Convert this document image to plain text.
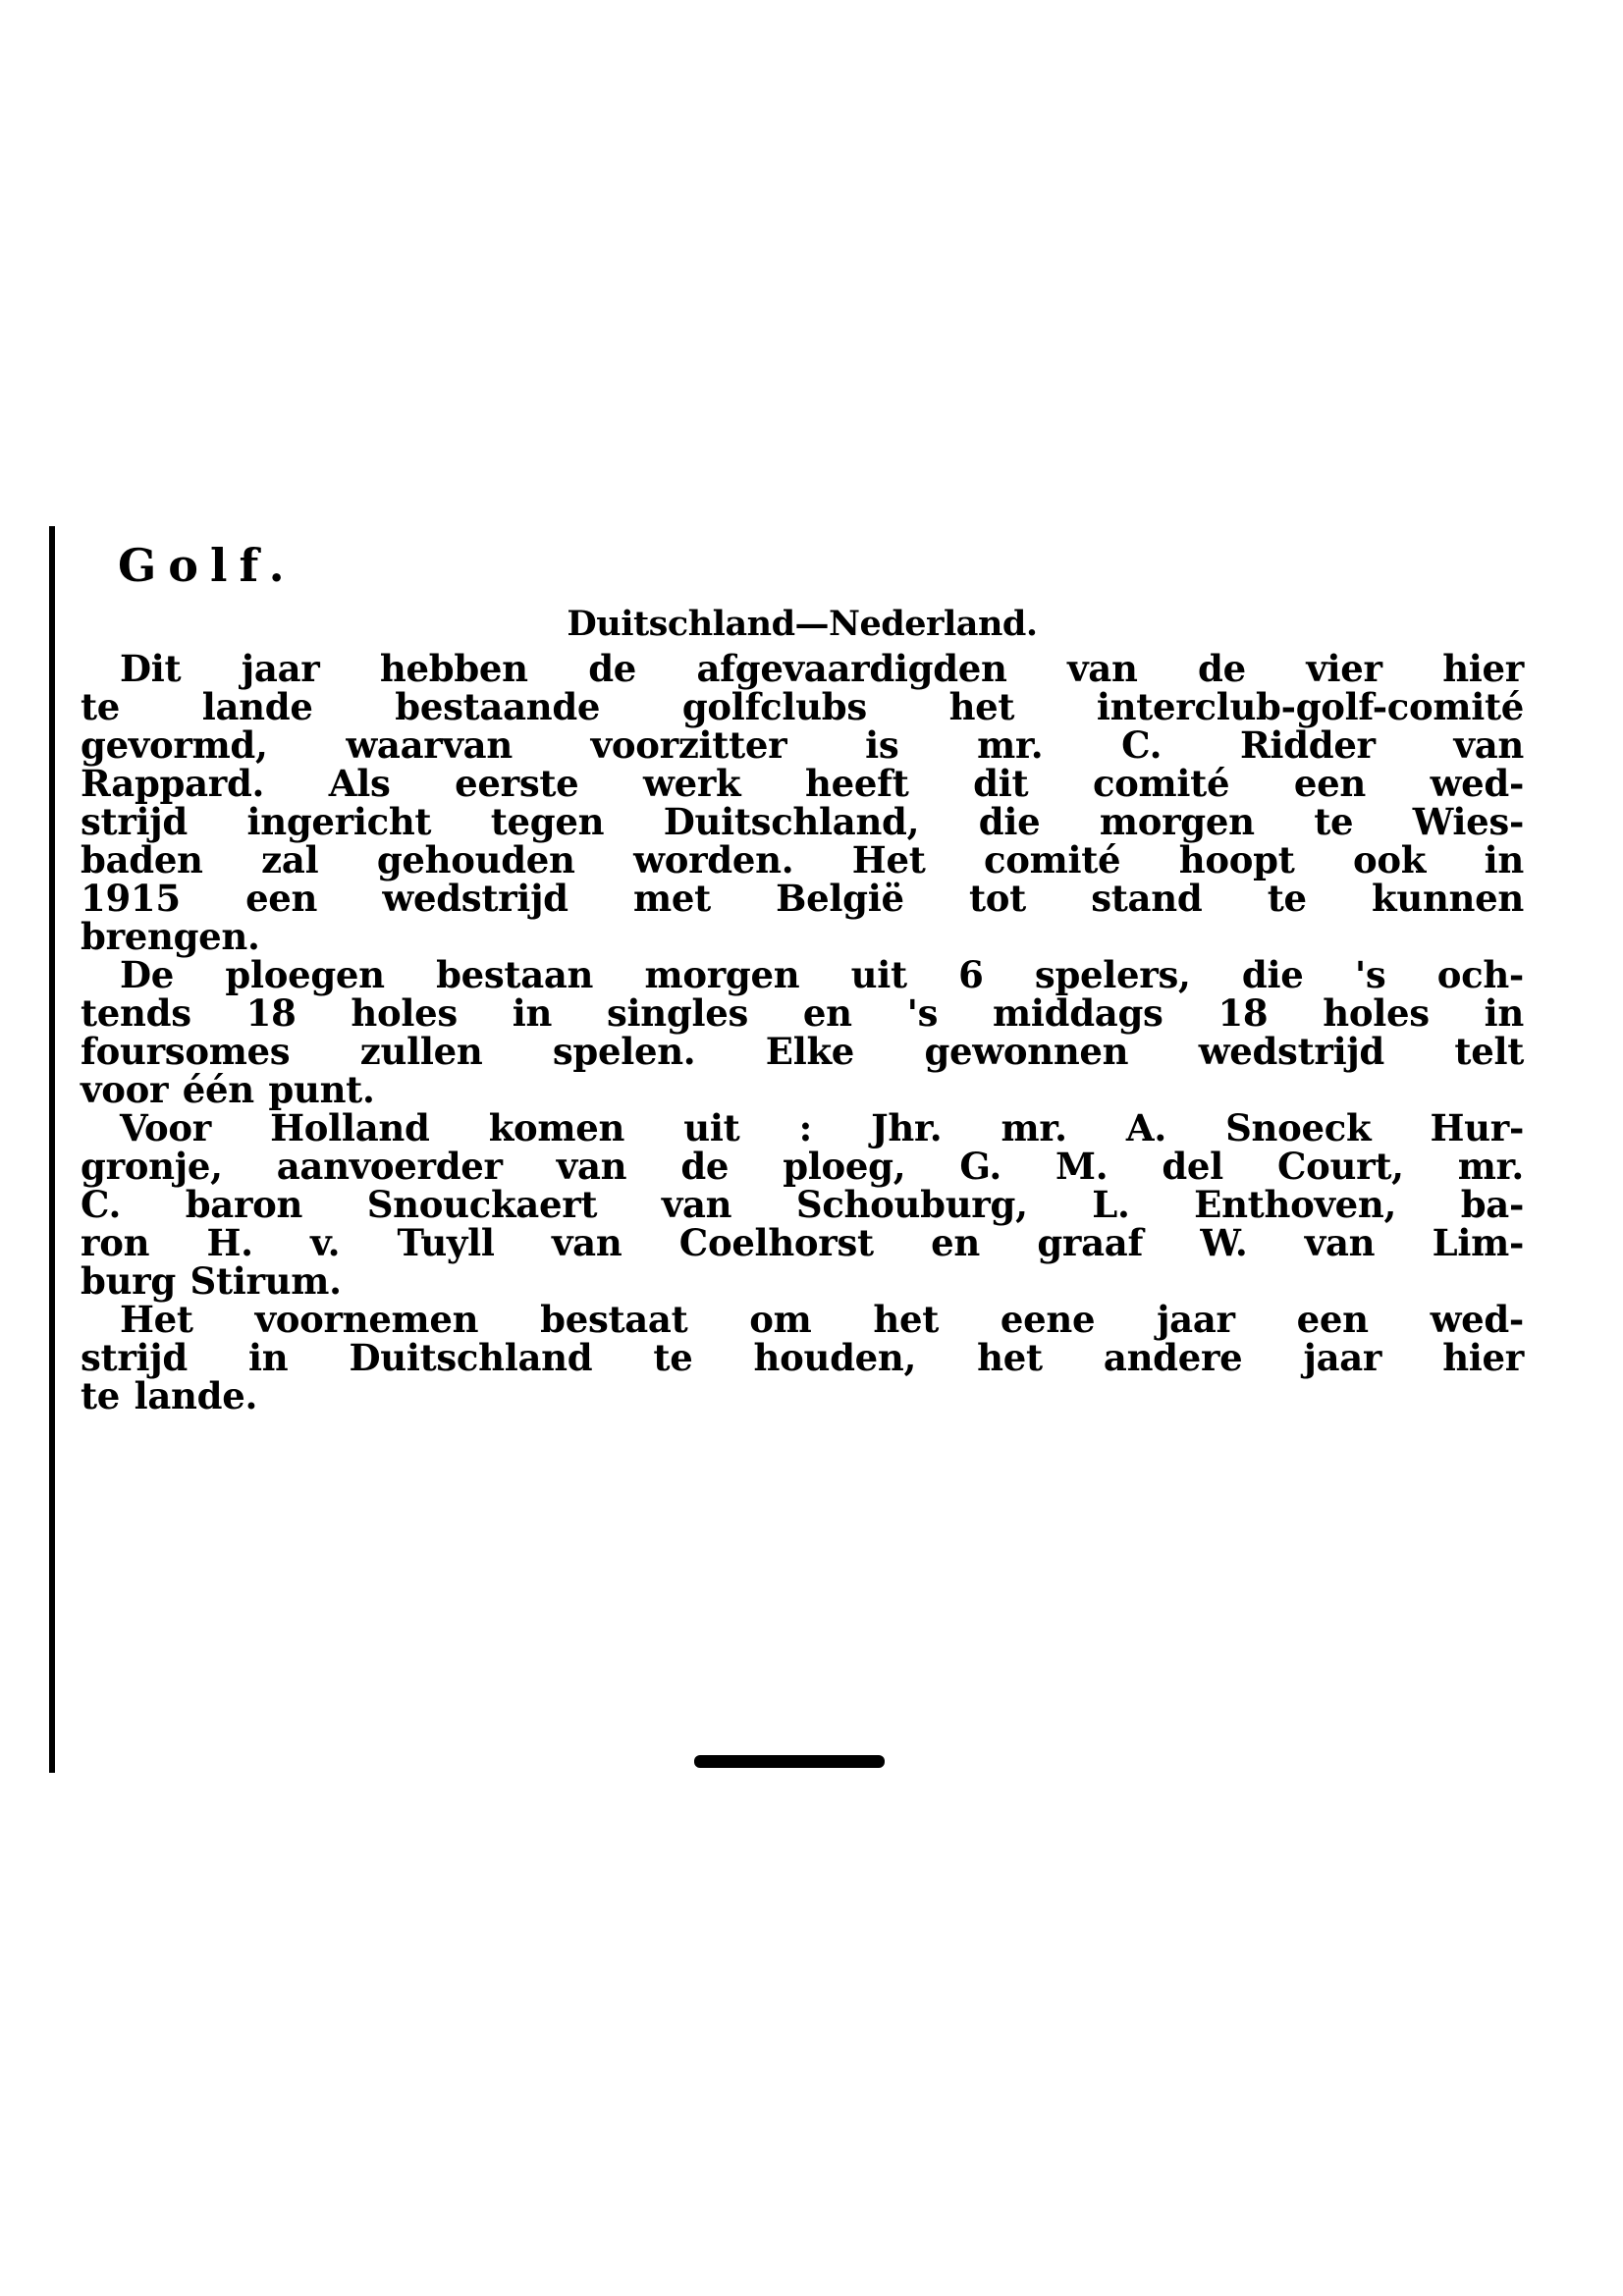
Golf.
Duitschland—Nederland.
Dit jaar hebben de afgevaardigden van de vier hier
te lande bestaande golfclubs het interclub-golf-comité
gevormd, waarvan voorzitter is mr. C. Ridder van
Rappard. Als eerste werk heeft dit comité een wed-
strijd ingericht tegen Duitschland, die morgen te Wies-
baden zal gehouden worden. Het comité hoopt ook in
1915 een wedstrijd met België tot stand te kunnen
brengen.
De ploegen bestaan morgen uit 6 spelers, die 's och-
tends 18 holes in singles en 's middags 18 holes in
foursomes zullen spelen. Elke gewonnen wedstrijd telt
voor één punt.
Voor Holland komen uit : Jhr. mr. A. Snoeck Hur-
gronje, aanvoerder van de ploeg, G. M. del Court, mr.
C. baron Snouckaert van Schouburg, L. Enthoven, ba-
ron H. v. Tuyll van Coelhorst en graaf W. van Lim-
burg Stirum.
Het voornemen bestaat om het eene jaar een wed-
strijd in Duitschland te houden, het andere jaar hier
te lande.
